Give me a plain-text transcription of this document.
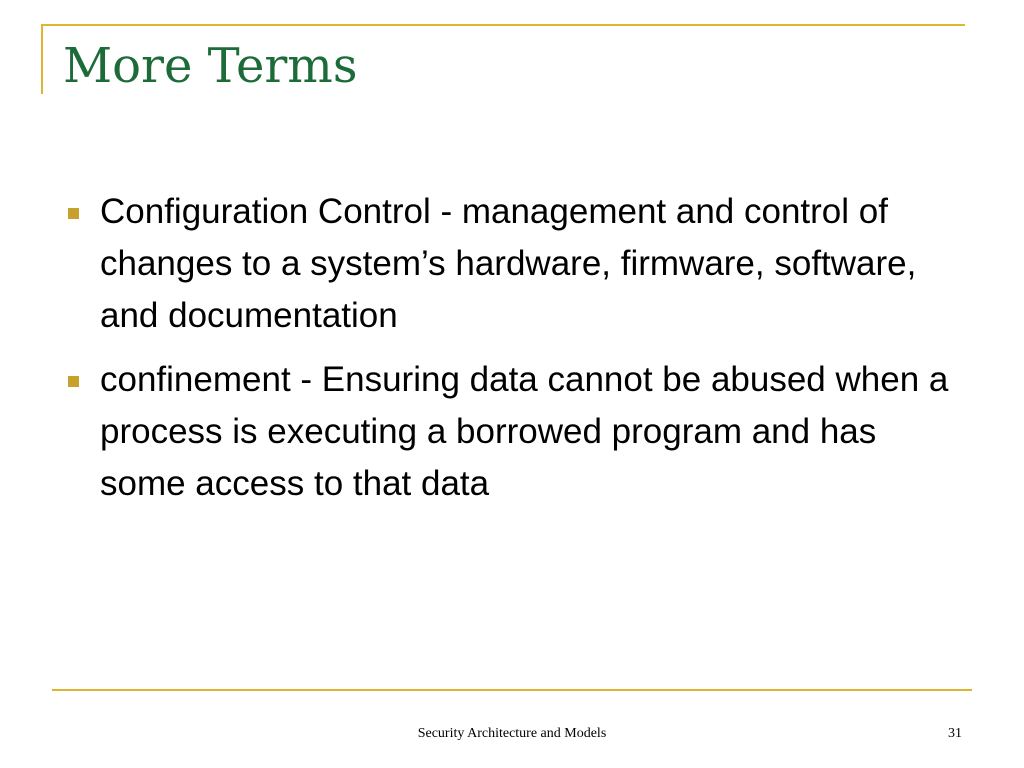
More Terms
Configuration Control - management and control of changes to a system’s hardware, firmware, software, and documentation
confinement - Ensuring data cannot be abused when a process is executing a borrowed program and has some access to that data
Security Architecture and Models	31
